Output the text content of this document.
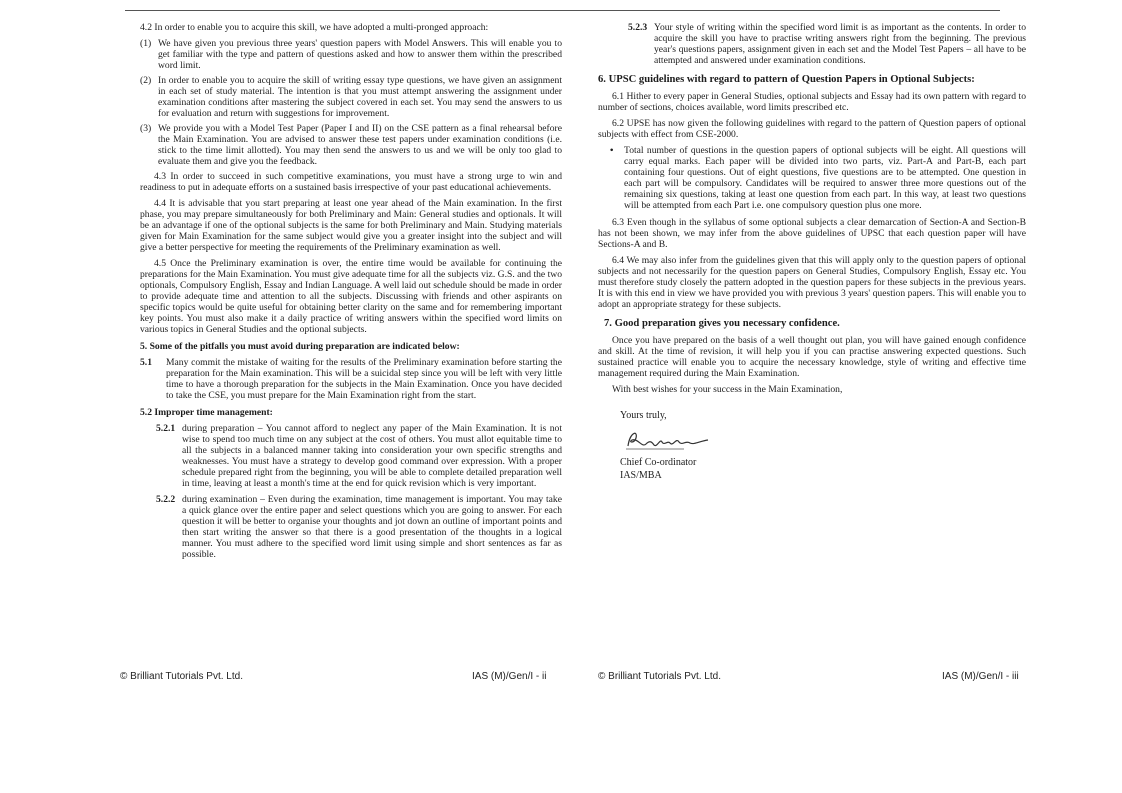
4.2 In order to enable you to acquire this skill, we have adopted a multi-pronged approach:

(1) We have given you previous three years' question papers with Model Answers. This will enable you to get familiar with the type and pattern of questions asked and how to answer them within the prescribed word limit.
(2) In order to enable you to acquire the skill of writing essay type questions, we have given an assignment in each set of study material. The intention is that you must attempt answering the assignment under examination conditions after mastering the subject covered in each set. You may send the answers to us for evaluation and return with suggestions for improvement.
(3) We provide you with a Model Test Paper (Paper I and II) on the CSE pattern as a final rehearsal before the Main Examination. You are advised to answer these test papers under examination conditions (i.e. stick to the time limit allotted). You may then send the answers to us and we will be only too glad to evaluate them and give you the feedback.

4.3 In order to succeed in such competitive examinations, you must have a strong urge to win and readiness to put in adequate efforts on a sustained basis irrespective of your past educational achievements.

4.4 It is advisable that you start preparing at least one year ahead of the Main examination. In the first phase, you may prepare simultaneously for both Preliminary and Main: General studies and optionals. It will be an advantage if one of the optional subjects is the same for both Preliminary and Main. Studying materials given for Main Examination for the same subject would give you a greater insight into the subject and will give a better perspective for meeting the requirements of the Preliminary examination as well.

4.5 Once the Preliminary examination is over, the entire time would be available for continuing the preparations for the Main Examination. You must give adequate time for all the subjects viz. G.S. and the two optionals, Compulsory English, Essay and Indian Language. A well laid out schedule should be made in order to provide adequate time and attention to all the subjects. Discussing with friends and other aspirants on specific topics would be quite useful for obtaining better clarity on the same and for remembering important key points. You must also make it a daily practice of writing answers within the specified word limits on various topics in General Studies and the optional subjects.

5. Some of the pitfalls you must avoid during preparation are indicated below:
5.1	Many commit the mistake of waiting for the results of the Preliminary examination before starting the preparation for the Main examination. This will be a suicidal step since you will be left with very little time to have a thorough preparation for the subjects in the Main Examination. Once you have decided to take the CSE, you must prepare for the Main Examination right from the start.
5.2 Improper time management:
5.2.1 during preparation – You cannot afford to neglect any paper of the Main Examination. It is not wise to spend too much time on any subject at the cost of others. You must allot equitable time to all the subjects in a balanced manner taking into consideration your own specific strengths and weaknesses. You must have a strategy to develop good command over expression. With a proper schedule prepared right from the beginning, you will be able to complete detailed preparation well in time, leaving at least a month's time at the end for quick revision which is very important.
5.2.2 during examination – Even during the examination, time management is important. You may take a quick glance over the entire paper and select questions which you are going to answer. For each question it will be better to organise your thoughts and jot down an outline of important points and then start writing the answer so that there is a good presentation of the thoughts in a logical manner. You must adhere to the specified word limit using simple and short sentences as far as possible.
© Brilliant Tutorials Pvt. Ltd.	IAS (M)/Gen/I - ii
5.2.3 Your style of writing within the specified word limit is as important as the contents. In order to acquire the skill you have to practise writing answers right from the beginning. The previous year's questions papers, assignment given in each set and the Model Test Papers – all have to be attempted and answered under examination conditions.
6. UPSC guidelines with regard to pattern of Question Papers in Optional Subjects:

6.1 Hither to every paper in General Studies, optional subjects and Essay had its own pattern with regard to number of sections, choices available, word limits prescribed etc.

6.2 UPSE has now given the following guidelines with regard to the pattern of Question papers of optional subjects with effect from CSE-2000.

•	Total number of questions in the question papers of optional subjects will be eight. All questions will carry equal marks. Each paper will be divided into two parts, viz. Part-A and Part-B, each part containing four questions. Out of eight questions, five questions are to be attempted. One question in each part will be compulsory. Candidates will be required to answer three more questions out of the remaining six questions, taking at least one question from each part. In this way, at least two questions will be attempted from each Part i.e. one compulsory question plus one more.

6.3 Even though in the syllabus of some optional subjects a clear demarcation of Section-A and Section-B has not been shown, we may infer from the above guidelines of UPSC that each question paper will have Sections-A and B.

6.4 We may also infer from the guidelines given that this will apply only to the question papers of optional subjects and not necessarily for the question papers on General Studies, Compulsory English, Essay etc. You must therefore study closely the pattern adopted in the question papers for these subjects in the previous years. It is with this end in view we have provided you with previous 3 years' question papers. This will enable you to adopt an appropriate strategy for these subjects.

7. Good preparation gives you necessary confidence.

Once you have prepared on the basis of a well thought out plan, you will have gained enough confidence and skill. At the time of revision, it will help you if you can practise answering expected questions. Such sustained practice will enable you to acquire the necessary knowledge, style of writing and effective time management required during the Main Examination.

With best wishes for your success in the Main Examination,

Yours truly,
Chief Co-ordinator
IAS/MBA
© Brilliant Tutorials Pvt. Ltd.	IAS (M)/Gen/I - iii
